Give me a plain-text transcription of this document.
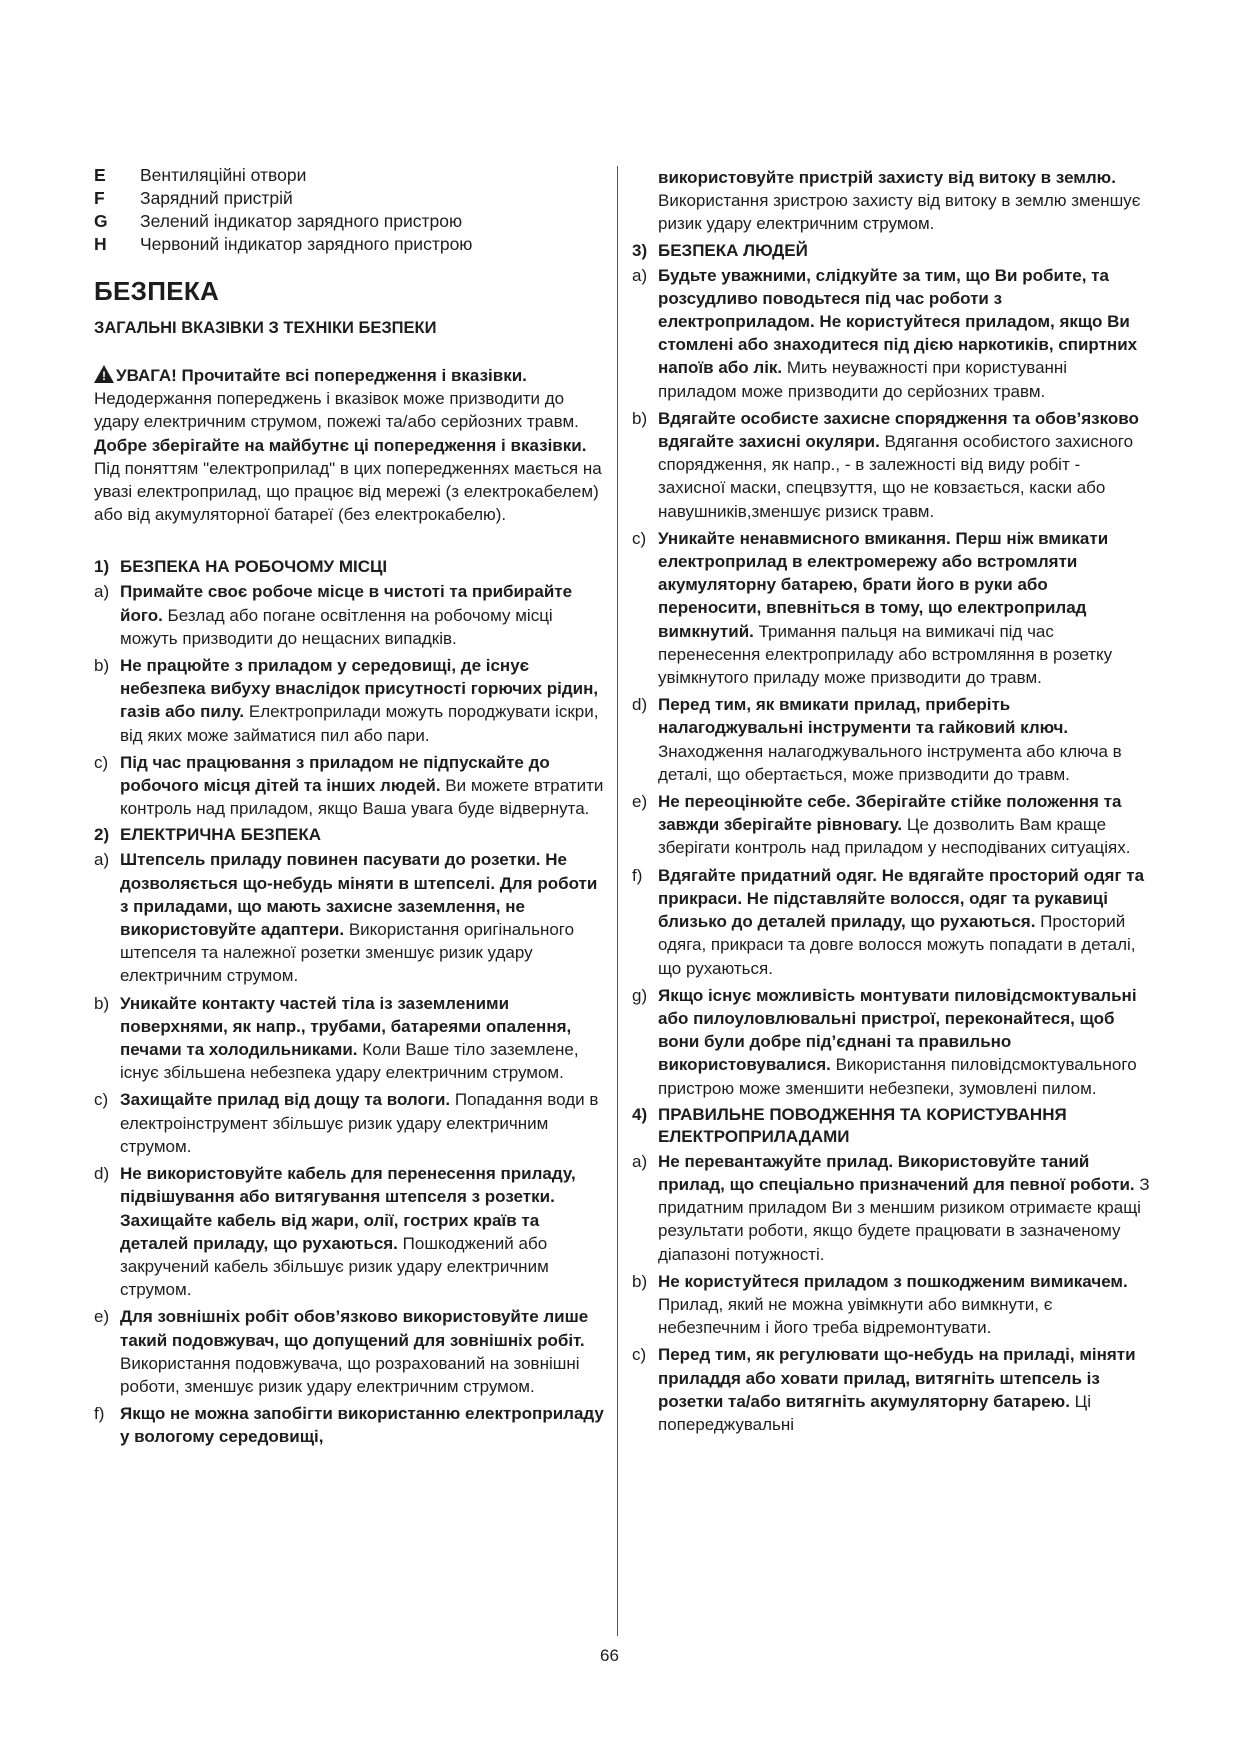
E	Вентиляційні отвори
F	Зарядний пристрій
G	Зелений індикатор зарядного пристрою
H	Червоний індикатор зарядного пристрою
БЕЗПЕКА
ЗАГАЛЬНІ ВКАЗІВКИ З ТЕХНІКИ БЕЗПЕКИ
! УВАГА! Прочитайте всі попередження і вказівки. Недодержання попереджень і вказівок може призводити до удару електричним струмом, пожежі та/або серйозних травм. Добре зберігайте на майбутнє ці попередження і вказівки. Під поняттям "електроприлад" в цих попередженнях мається на увазі електроприлад, що працює від мережі (з електрокабелем) або від акумуляторної батареї (без електрокабелю).
1) БЕЗПЕКА НА РОБОЧОМУ МІСЦІ
a) Примайте своє робоче місце в чистоті та прибирайте його. Безлад або погане освітлення на робочому місці можуть призводити до нещасних випадків.
b) Не працюйте з приладом у середовищі, де існує небезпека вибуху внаслідок присутності горючих рідин, газів або пилу. Електроприлади можуть породжувати іскри, від яких може займатися пил або пари.
c) Під час працювання з приладом не підпускайте до робочого місця дітей та інших людей. Ви можете втратити контроль над приладом, якщо Ваша увага буде відвернута.
2) ЕЛЕКТРИЧНА БЕЗПЕКА
a) Штепсель приладу повинен пасувати до розетки. Не дозволяється що-небудь міняти в штепселі. Для роботи з приладами, що мають захисне заземлення, не використовуйте адаптери. Використання оригінального штепселя та належної розетки зменшує ризик удару електричним струмом.
b) Уникайте контакту частей тіла із заземленими поверхнями, як напр., трубами, батареями опалення, печами та холодильниками. Коли Ваше тіло заземлене, існує збільшена небезпека удару електричним струмом.
c) Захищайте прилад від дощу та вологи. Попадання води в електроінструмент збільшує ризик удару електричним струмом.
d) Не використовуйте кабель для перенесення приладу, підвішування або витягування штепселя з розетки. Захищайте кабель від жари, олії, гострих країв та деталей приладу, що рухаються. Пошкоджений або закручений кабель збільшує ризик удару електричним струмом.
e) Для зовнішніх робіт обов’язково використовуйте лише такий подовжувач, що допущений для зовнішніх робіт. Використання подовжувача, що розрахований на зовнішні роботи, зменшує ризик удару електричним струмом.
f) Якщо не можна запобігти використанню електроприладу у вологому середовищі,
використовуйте пристрій захисту від витоку в землю. Використання зристрою захисту від витоку в землю зменшує ризик удару електричним струмом.
3) БЕЗПЕКА ЛЮДЕЙ
a) Будьте уважними, слідкуйте за тим, що Ви робите, та розсудливо поводьтеся під час роботи з електроприладом. Не користуйтеся приладом, якщо Ви стомлені або знаходитеся під дією наркотиків, спиртних напоїв або лік. Мить неуважності при користуванні приладом може призводити до серйозних травм.
b) Вдягайте особисте захисне спорядження та обов’язково вдягайте захисні окуляри. Вдягання особистого захисного спорядження, як напр., - в залежності від виду робіт - захисної маски, спецвзуття, що не ковзається, каски або навушників,зменшує ризиск травм.
c) Уникайте ненавмисного вмикання. Перш ніж вмикати електроприлад в електромережу або встромляти акумуляторну батарею, брати його в руки або переносити, впевніться в тому, що електроприлад вимкнутий. Тримання пальця на вимикачі під час перенесення електроприладу або встромляння в розетку увімкнутого приладу може призводити до травм.
d) Перед тим, як вмикати прилад, приберіть налагоджувальні інструменти та гайковий ключ. Знаходження налагоджувального інструмента або ключа в деталі, що обертається, може призводити до травм.
e) Не переоцінюйте себе. Зберігайте стійке положення та завжди зберігайте рівновагу. Це дозволить Вам краще зберігати контроль над приладом у несподіваних ситуаціях.
f) Вдягайте придатний одяг. Не вдягайте просторий одяг та прикраси. Не підставляйте волосся, одяг та рукавиці близько до деталей приладу, що рухаються. Просторий одяга, прикраси та довге волосся можуть попадати в деталі, що рухаються.
g) Якщо існує можливість монтувати пиловідсмоктувальні або пилоуловлювальні пристрої, переконайтеся, щоб вони були добре під’єднані та правильно використовувалися. Використання пиловідсмоктувального пристрою може зменшити небезпеки, зумовлені пилом.
4) ПРАВИЛЬНЕ ПОВОДЖЕННЯ ТА КОРИСТУВАННЯ ЕЛЕКТРОПРИЛАДАМИ
a) Не перевантажуйте прилад. Використовуйте таний прилад, що спеціально призначений для певної роботи. З придатним приладом Ви з меншим ризиком отримаєте кращі результати роботи, якщо будете працювати в зазначеному діапазоні потужності.
b) Не користуйтеся приладом з пошкодженим вимикачем. Прилад, який не можна увімкнути або вимкнути, є небезпечним і його треба відремонтувати.
c) Перед тим, як регулювати що-небудь на приладі, міняти приладдя або ховати прилад, витягніть штепсель із розетки та/або витягніть акумуляторну батарею. Ці попереджувальні
66
